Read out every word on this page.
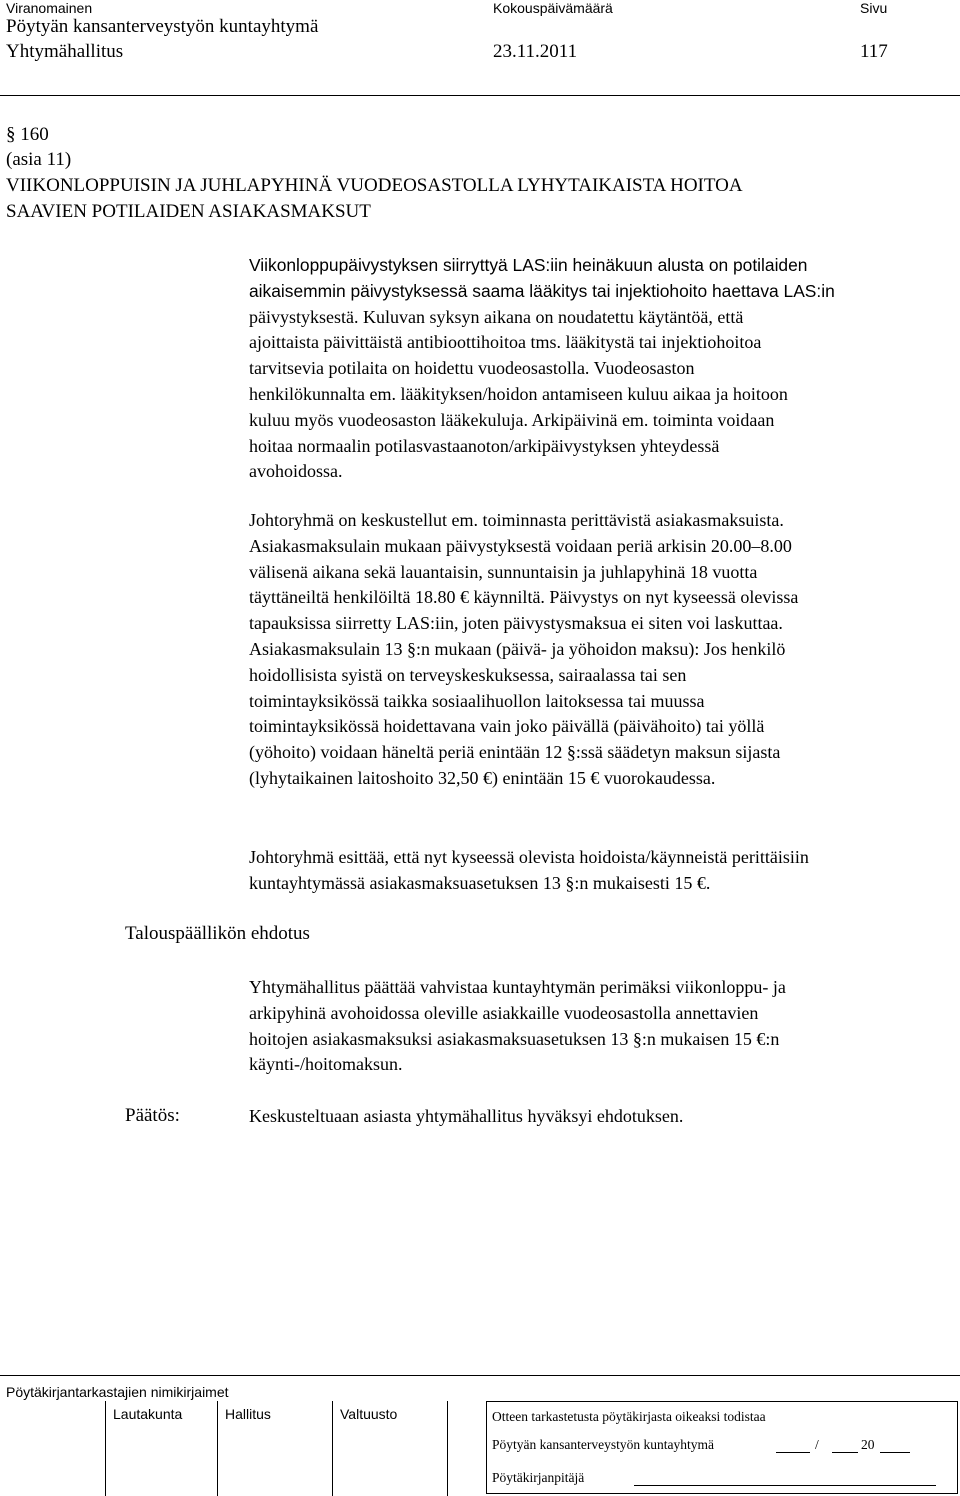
Viranomainen	Kokouspäivämäärä	Sivu
Pöytyän kansanterveystyön kuntayhtymä
Yhtymähallitus	23.11.2011	117
§ 160
(asia 11)
VIIKONLOPPUISIN JA JUHLAPYHINÄ VUODEOSASTOLLA LYHYTAIKAISTA HOITOA
SAAVIEN POTILAIDEN ASIAKASMAKSUT
Viikonloppupäivystyksen siirryttyä LAS:iin heinäkuun alusta on potilaiden
aikaisemmin päivystyksessä saama lääkitys tai injektiohoito haettava LAS:in
päivystyksestä. Kuluvan syksyn aikana on noudatettu käytäntöä, että
ajoittaista päivittäistä antibioottihoitoa tms. lääkitystä tai injektiohoitoa
tarvitsevia potilaita on hoidettu vuodeosastolla. Vuodeosaston
henkilökunnalta em. lääkityksen/hoidon antamiseen kuluu aikaa ja hoitoon
kuluu myös vuodeosaston lääkekuluja. Arkipäivinä em. toiminta voidaan
hoitaa normaalin potilasvastaanoton/arkipäivystyksen yhteydessä
avohoidossa.
Johtoryhmä on keskustellut em. toiminnasta perittävistä asiakasmaksuista.
Asiakasmaksulain mukaan päivystyksestä voidaan periä arkisin 20.00‒8.00
välisenä aikana sekä lauantaisin, sunnuntaisin ja juhlapyhinä 18 vuotta
täyttäneiltä henkilöiltä 18.80 € käynniltä. Päivystys on nyt kyseessä olevissa
tapauksissa siirretty LAS:iin, joten päivystysmaksua ei siten voi laskuttaa.
Asiakasmaksulain 13 §:n mukaan (päivä- ja yöhoidon maksu): Jos henkilö
hoidollisista syistä on terveyskeskuksessa, sairaalassa tai sen
toimintayksikössä taikka sosiaalihuollon laitoksessa tai muussa
toimintayksikössä hoidettavana vain joko päivällä (päivähoito) tai yöllä
(yöhoito) voidaan häneltä periä enintään 12 §:ssä säädetyn maksun sijasta
(lyhytaikainen laitoshoito 32,50 €) enintään 15 € vuorokaudessa.
Johtoryhmä esittää, että nyt kyseessä olevista hoidoista/käynneistä perittäisiin
kuntayhtymässä asiakasmaksuasetuksen 13 §:n mukaisesti 15 €.
Talouspäällikön ehdotus
Yhtymähallitus päättää vahvistaa kuntayhtymän perimäksi viikonloppu- ja
arkipyhinä avohoidossa oleville asiakkaille vuodeosastolla annettavien
hoitojen asiakasmaksuksi asiakasmaksuasetuksen 13 §:n mukaisen 15 €:n
käynti-/hoitomaksun.
Päätös:	Keskusteltuaan asiasta yhtymähallitus hyväksyi ehdotuksen.
Pöytäkirjantarkastajien nimikirjaimet
Lautakunta	Hallitus	Valtuusto	Otteen tarkastetusta pöytäkirjasta oikeaksi todistaa
Pöytyän kansanterveystyön kuntayhtymä	/	20
Pöytäkirjanpitäjä
